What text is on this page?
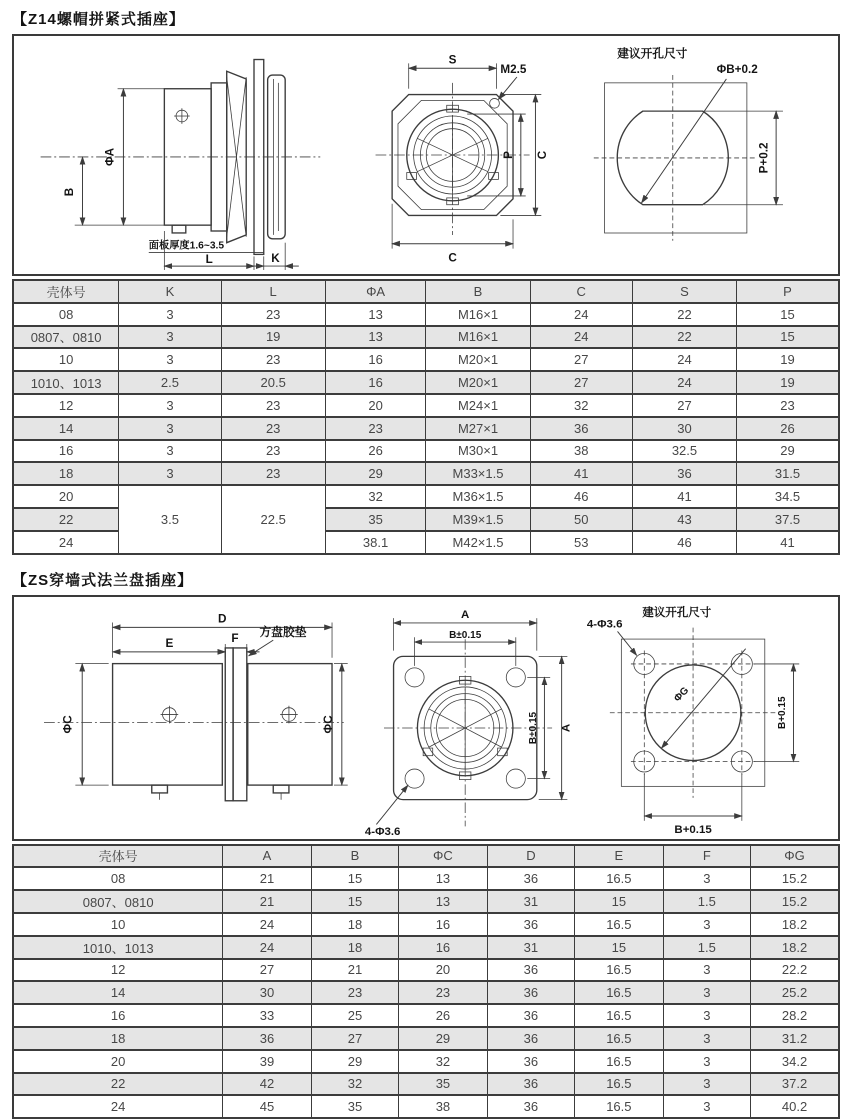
【Z14螺帽拼紧式插座】
B
ΦA
面板厚度1.6~3.5
L	K
M2.5
S
C
P
C
建议开孔尺寸
ΦB+0.2
P+0.2
壳体号	K	L	ΦA	B	C	S	P
08	3	23	13	M16×1	24	22	15
0807、0810	3	19	13	M16×1	24	22	15
10	3	23	16	M20×1	27	24	19
1010、1013	2.5	20.5	16	M20×1	27	24	19
12	3	23	20	M24×1	32	27	23
14	3	23	23	M27×1	36	30	26
16	3	23	26	M30×1	38	32.5	29
18	3	23	29	M33×1.5	41	36	31.5
20	3.5	22.5	32	M36×1.5	46	41	34.5
22			35	M39×1.5	50	43	37.5
24			38.1	M42×1.5	53	46	41
【ZS穿墙式法兰盘插座】
D
E	F 方盘胶垫
ΦC	ΦC
4-Φ3.6
A
B±0.15
B±0.15 A
建议开孔尺寸
ΦG
4-Φ3.6
B+0.15
B+0.15
壳体号	A	B	ΦC	D	E	F	ΦG
08	21	15	13	36	16.5	3	15.2
0807、0810	21	15	13	31	15	1.5	15.2
10	24	18	16	36	16.5	3	18.2
1010、1013	24	18	16	31	15	1.5	18.2
12	27	21	20	36	16.5	3	22.2
14	30	23	23	36	16.5	3	25.2
16	33	25	26	36	16.5	3	28.2
18	36	27	29	36	16.5	3	31.2
20	39	29	32	36	16.5	3	34.2
22	42	32	35	36	16.5	3	37.2
24	45	35	38	36	16.5	3	40.2
